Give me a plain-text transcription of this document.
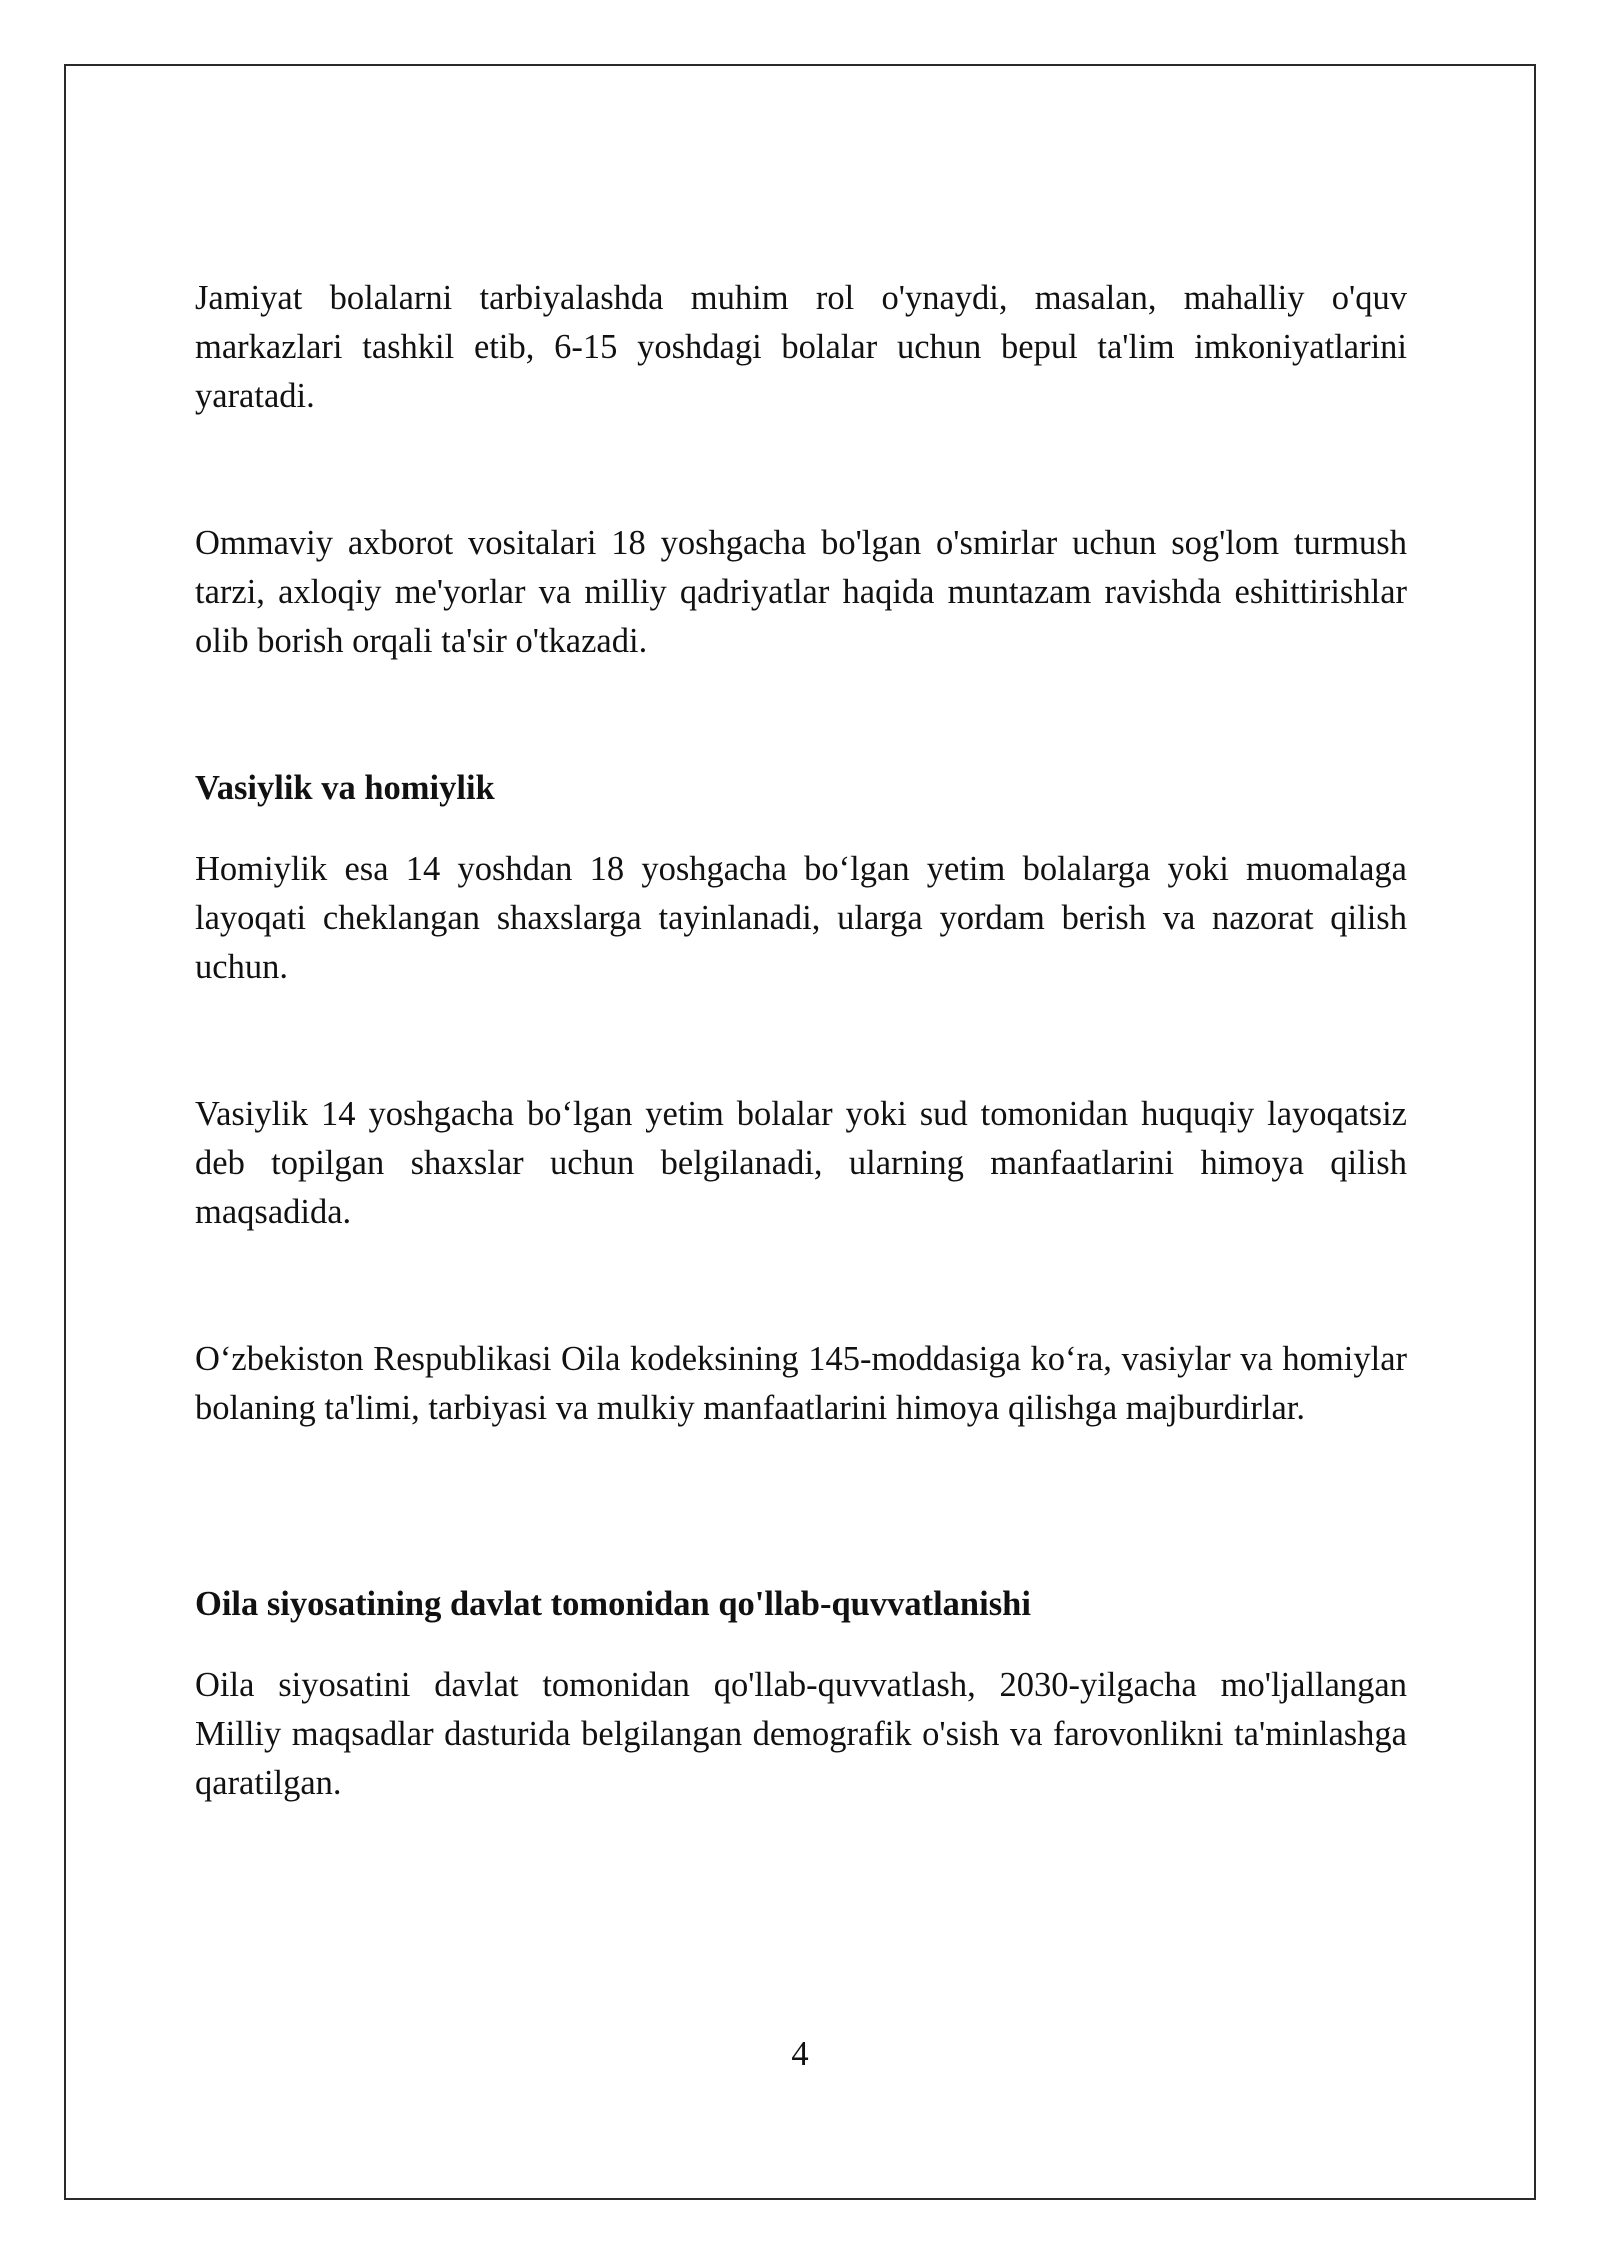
Jamiyat bolalarni tarbiyalashda muhim rol o'ynaydi, masalan, mahalliy o'quv markazlari tashkil etib, 6-15 yoshdagi bolalar uchun bepul ta'lim imkoniyatlarini yaratadi.

Ommaviy axborot vositalari 18 yoshgacha bo'lgan o'smirlar uchun sog'lom turmush tarzi, axloqiy me'yorlar va milliy qadriyatlar haqida muntazam ravishda eshittirishlar olib borish orqali ta'sir o'tkazadi.

Vasiylik va homiylik

Homiylik esa 14 yoshdan 18 yoshgacha bo‘lgan yetim bolalarga yoki muomalaga layoqati cheklangan shaxslarga tayinlanadi, ularga yordam berish va nazorat qilish uchun.

Vasiylik 14 yoshgacha bo‘lgan yetim bolalar yoki sud tomonidan huquqiy layoqatsiz deb topilgan shaxslar uchun belgilanadi, ularning manfaatlarini himoya qilish maqsadida.

O‘zbekiston Respublikasi Oila kodeksining 145-moddasiga ko‘ra, vasiylar va homiylar bolaning ta'limi, tarbiyasi va mulkiy manfaatlarini himoya qilishga majburdirlar.

Oila siyosatining davlat tomonidan qo'llab-quvvatlanishi

Oila siyosatini davlat tomonidan qo'llab-quvvatlash, 2030-yilgacha mo'ljallangan Milliy maqsadlar dasturida belgilangan demografik o'sish va farovonlikni ta'minlashga qaratilgan.

4
